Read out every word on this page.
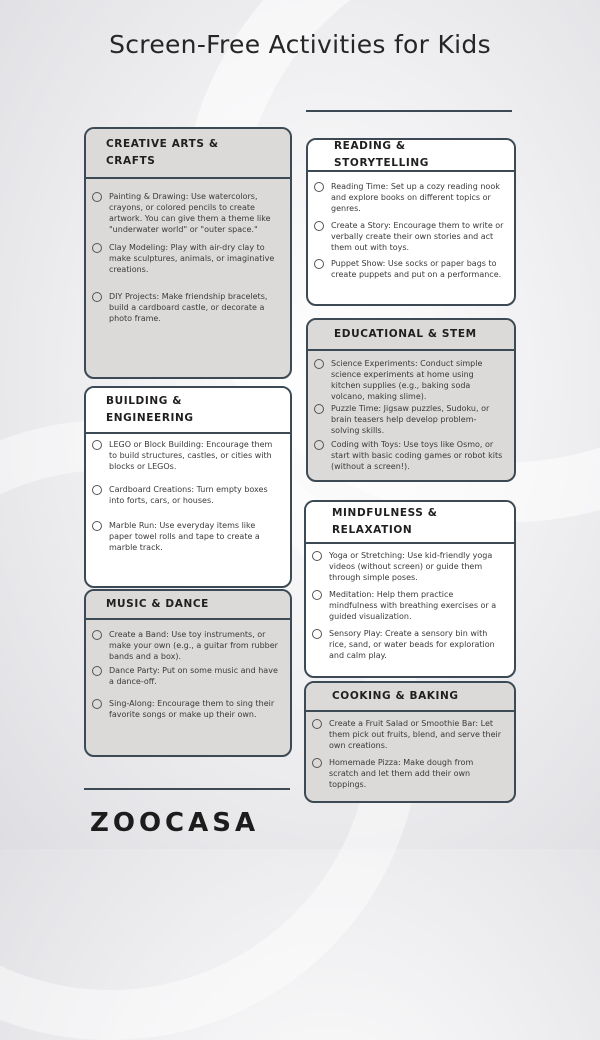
Screen-Free Activities for Kids
CREATIVE ARTS &
CRAFTS
Painting & Drawing: Use watercolors, crayons, or colored pencils to create artwork. You can give them a theme like "underwater world" or "outer space."
Clay Modeling: Play with air-dry clay to make sculptures, animals, or imaginative creations.
DIY Projects: Make friendship bracelets, build a cardboard castle, or decorate a photo frame.
READING & STORYTELLING
Reading Time: Set up a cozy reading nook and explore books on different topics or genres.
Create a Story: Encourage them to write or verbally create their own stories and act them out with toys.
Puppet Show: Use socks or paper bags to create puppets and put on a performance.
EDUCATIONAL & STEM
Science Experiments: Conduct simple science experiments at home using kitchen supplies (e.g., baking soda volcano, making slime).
Puzzle Time: Jigsaw puzzles, Sudoku, or brain teasers help develop problem-solving skills.
Coding with Toys: Use toys like Osmo, or start with basic coding games or robot kits (without a screen!).
BUILDING &
ENGINEERING
LEGO or Block Building: Encourage them to build structures, castles, or cities with blocks or LEGOs.
Cardboard Creations: Turn empty boxes into forts, cars, or houses.
Marble Run: Use everyday items like paper towel rolls and tape to create a marble track.
MINDFULNESS &
RELAXATION
Yoga or Stretching: Use kid-friendly yoga videos (without screen) or guide them through simple poses.
Meditation: Help them practice mindfulness with breathing exercises or a guided visualization.
Sensory Play: Create a sensory bin with rice, sand, or water beads for exploration and calm play.
MUSIC & DANCE
Create a Band: Use toy instruments, or make your own (e.g., a guitar from rubber bands and a box).
Dance Party: Put on some music and have a dance-off.
Sing-Along: Encourage them to sing their favorite songs or make up their own.
COOKING & BAKING
Create a Fruit Salad or Smoothie Bar: Let them pick out fruits, blend, and serve their own creations.
Homemade Pizza: Make dough from scratch and let them add their own toppings.
ZOOCASA
